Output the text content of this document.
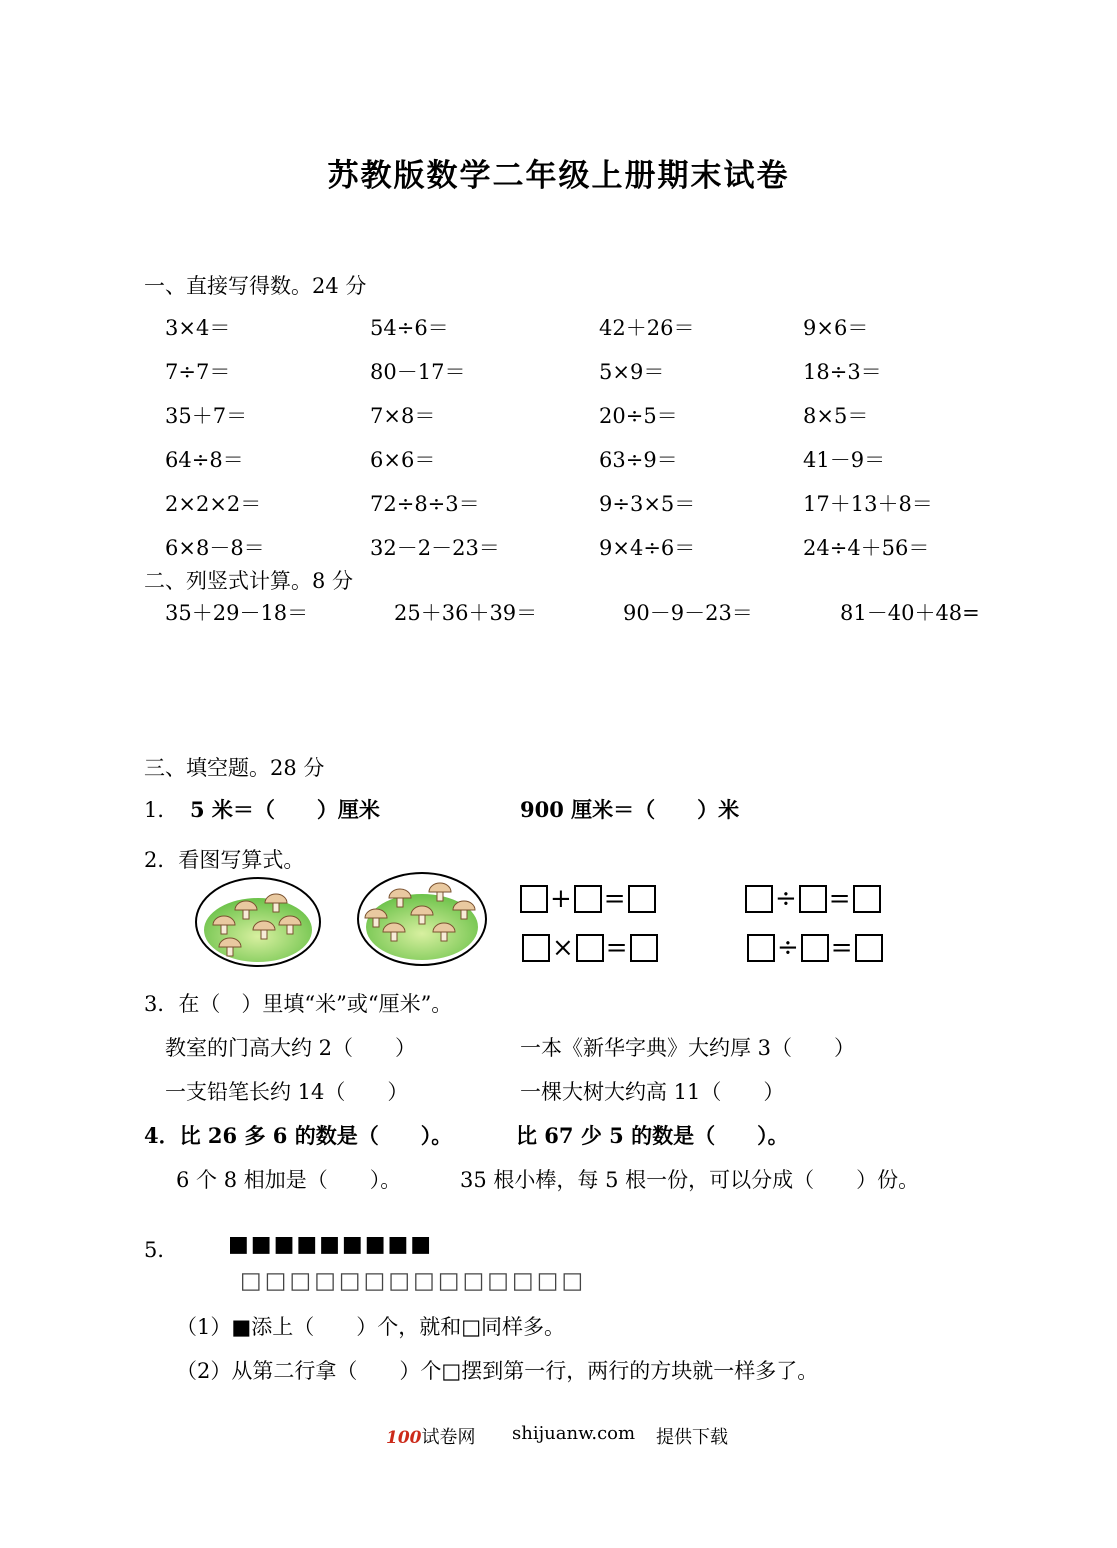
苏教版数学二年级上册期末试卷
一、直接写得数。24 分
3×4＝	54÷6＝	42＋26＝	9×6＝
7÷7＝	80－17＝	5×9＝	18÷3＝
35＋7＝	7×8＝	20÷5＝	8×5＝
64÷8＝	6×6＝	63÷9＝	41－9＝
2×2×2＝	72÷8÷3＝	9÷3×5＝	17＋13＋8＝
6×8－8＝	32－2－23＝	9×4÷6＝	24÷4＋56＝
二、列竖式计算。8 分
35＋29－18＝	25＋36＋39＝	90－9－23＝	81－40＋48=
三、填空题。28 分
1． 5 米＝（　　）厘米	900 厘米＝（　　）米
2．看图写算式。
+ =	÷ =
× =	÷ =
3．在（　）里填“米”或“厘米”。
教室的门高大约 2（　　）	一本《新华字典》大约厚 3（　　）
一支铅笔长约 14（　　）	一棵大树大约高 11（　　）
4．比 26 多 6 的数是（　　）。	比 67 少 5 的数是（　　）。
6 个 8 相加是（　　）。	35 根小棒，每 5 根一份，可以分成（　　）份。
5． ■■■■■■■■■
□□□□□□□□□□□□□□
（1）■添上（　　）个，就和□同样多。
（2）从第二行拿（　　）个□摆到第一行，两行的方块就一样多了。
100试卷网 shijuanw.com 提供下载
